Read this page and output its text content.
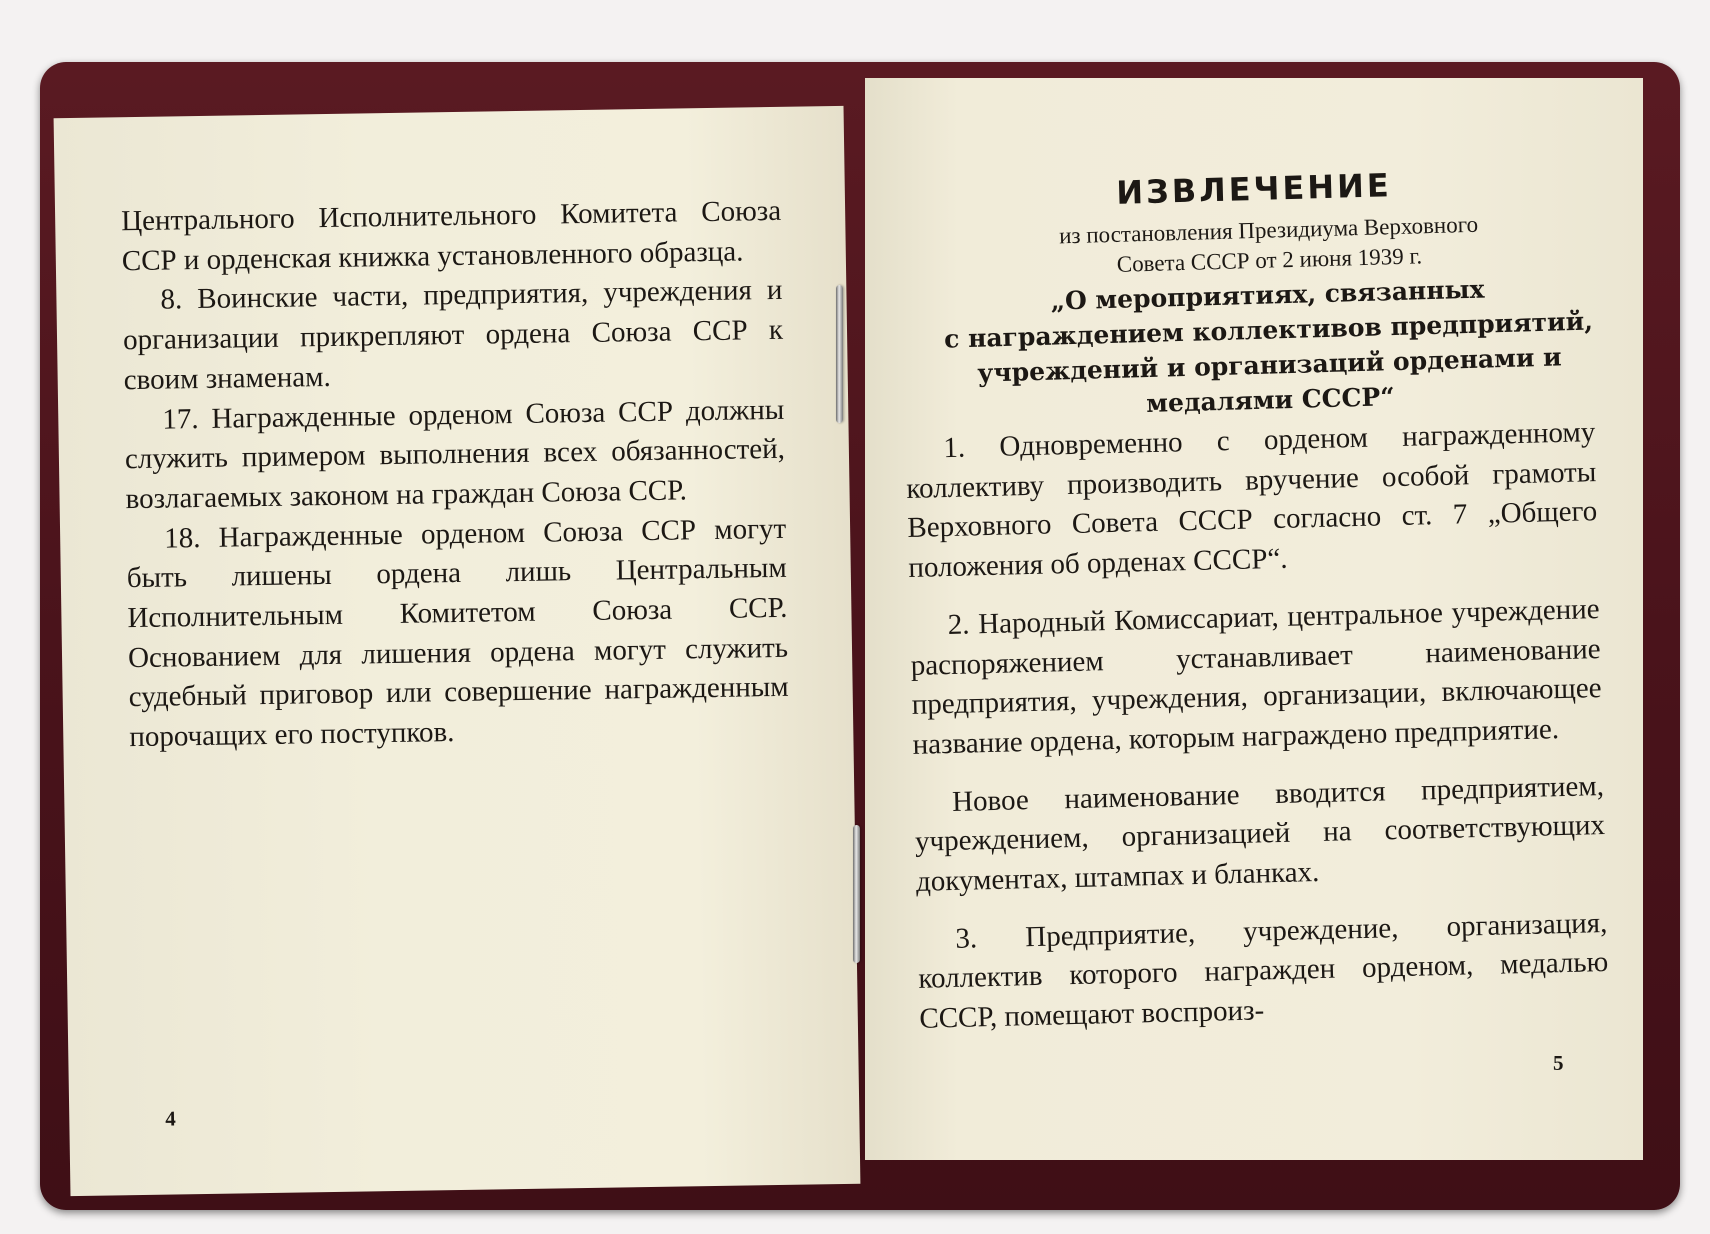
Центрального Исполнительного Комитета Союза ССР и орденская книжка установленного образца.

8. Воинские части, предприятия, учреждения и организации прикрепляют ордена Союза ССР к своим знаменам.

17. Награжденные орденом Союза ССР должны служить примером выполнения всех обязанностей, возлагаемых законом на граждан Союза ССР.

18. Награжденные орденом Союза ССР могут быть лишены ордена лишь Центральным Исполнительным Комитетом Союза ССР. Основанием для лишения ордена могут служить судебный приговор или совершение награжденным порочащих его поступков.

4
ИЗВЛЕЧЕНИЕ
из постановления Президиума Верховного
Совета СССР от 2 июня 1939 г.
„О мероприятиях, связанных
с награждением коллективов предприятий,
учреждений и организаций орденами и
медалями СССР“

1. Одновременно с орденом награжденному коллективу производить вручение особой грамоты Верховного Совета СССР согласно ст. 7 „Общего положения об орденах СССР“.

2. Народный Комиссариат, центральное учреждение распоряжением устанавливает наименование предприятия, учреждения, организации, включающее название ордена, которым награждено предприятие.

Новое наименование вводится предприятием, учреждением, организацией на соответствующих документах, штампах и бланках.

3. Предприятие, учреждение, организация, коллектив которого награжден орденом, медалью СССР, помещают воспроиз-

5
